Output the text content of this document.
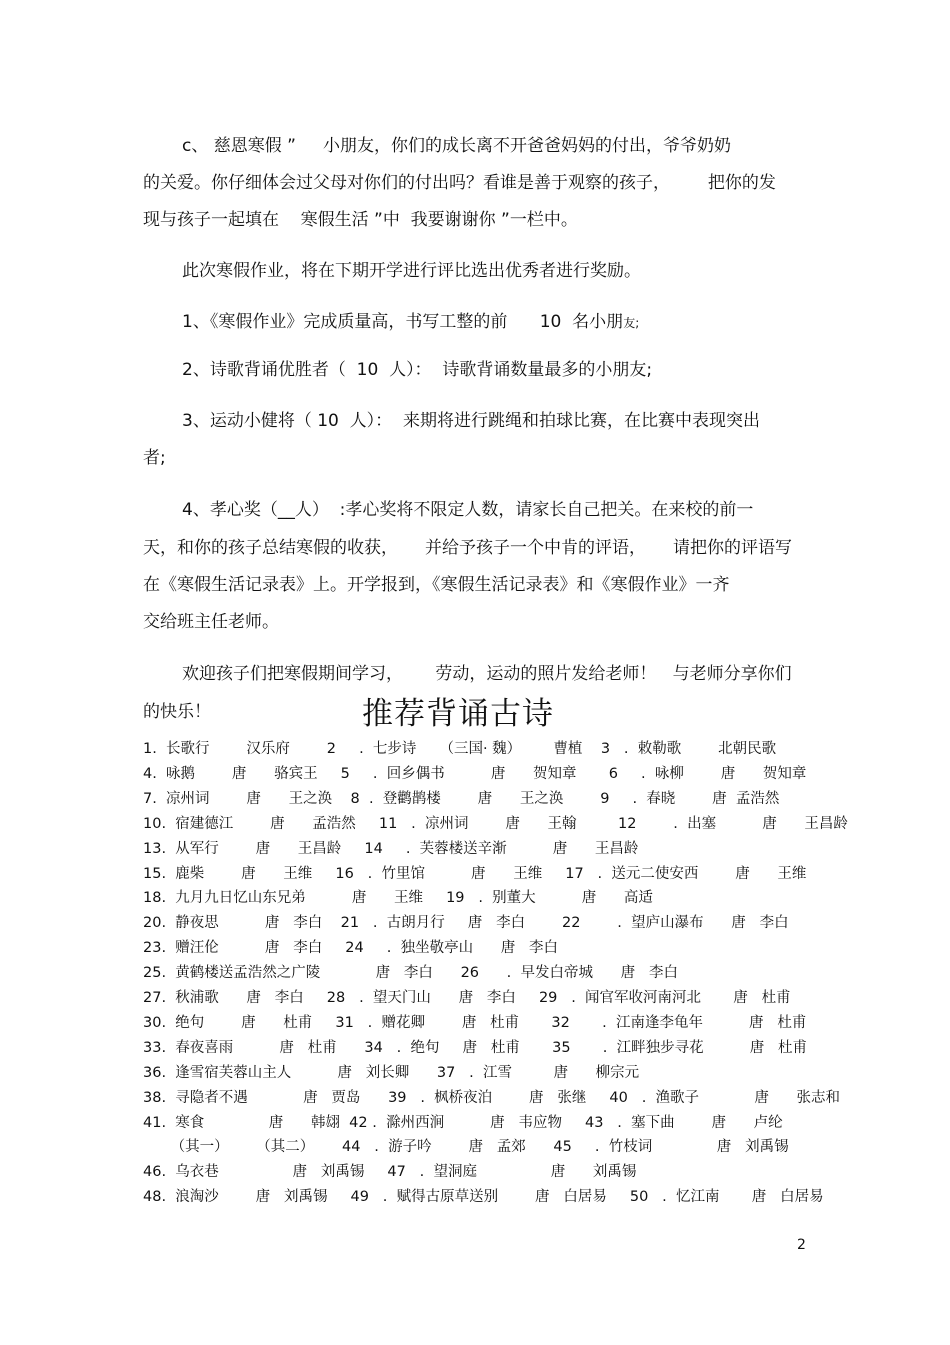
c、 慈恩寒假 ”     小朋友，你们的成长离不开爸爸妈妈的付出，爷爷奶奶
的关爱。你仔细体会过父母对你们的付出吗？看谁是善于观察的孩子，       把你的发
现与孩子一起填在    寒假生活 ”中  我要谢谢你 ”一栏中。
此次寒假作业，将在下期开学进行评比选出优秀者进行奖励。
1、《寒假作业》完成质量高，书写工整的前      10  名小朋友;
2、诗歌背诵优胜者（  10  人）：  诗歌背诵数量最多的小朋友;
3、运动小健将（ 10  人）：  来期将进行跳绳和拍球比赛，在比赛中表现突出
者;
4、孝心奖（__人）  :孝心奖将不限定人数，请家长自己把关。在来校的前一
天，和你的孩子总结寒假的收获，     并给予孩子一个中肯的评语，     请把你的评语写
在《寒假生活记录表》上。开学报到，《寒假生活记录表》和《寒假作业》一齐
交给班主任老师。
欢迎孩子们把寒假期间学习，      劳动，运动的照片发给老师！   与老师分享你们
的快乐！	推荐背诵古诗
1.  长歌行        汉乐府        2     .  七步诗     （三国· 魏）       曹植    3   .  敕勒歌        北朝民歌
4.  咏鹅        唐      骆宾王     5     .  回乡偶书          唐      贺知章       6     .  咏柳        唐      贺知章
7.  凉州词        唐      王之涣    8  .  登鹳鹊楼        唐      王之涣        9     .  春晓        唐  孟浩然
10.  宿建德江        唐      孟浩然     11   .  凉州词        唐      王翰         12        .  出塞          唐      王昌龄
13.  从军行        唐      王昌龄     14     .  芙蓉楼送辛渐          唐      王昌龄
15.  鹿柴        唐      王维     16   .  竹里馆          唐      王维     17   .  送元二使安西        唐      王维
18.  九月九日忆山东兄弟          唐      王维     19   .  别董大          唐      高适
20.  静夜思          唐   李白    21   .  古朗月行     唐   李白        22        .  望庐山瀑布      唐   李白
23.  赠汪伦          唐   李白     24     .  独坐敬亭山      唐   李白
25.  黄鹤楼送孟浩然之广陵            唐   李白      26      .  早发白帝城      唐   李白
27.  秋浦歌      唐   李白     28   .  望天门山      唐   李白     29   .  闻官军收河南河北       唐   杜甫
30.  绝句        唐      杜甫     31   .  赠花卿        唐   杜甫       32       .  江南逢李龟年          唐   杜甫
33.  春夜喜雨          唐   杜甫      34   .  绝句     唐   杜甫       35       .  江畔独步寻花          唐   杜甫
36.  逢雪宿芙蓉山主人          唐   刘长卿      37   .  江雪         唐      柳宗元
38.  寻隐者不遇            唐   贾岛      39   .  枫桥夜泊        唐   张继     40   .  渔歌子            唐      张志和
41.  寒食              唐      韩翃  42 .  滁州西涧          唐   韦应物     43   .  塞下曲        唐      卢纶
（其一）      （其二）      44   .  游子吟        唐   孟郊      45     .  竹枝词              唐   刘禹锡
46.  乌衣巷                唐   刘禹锡     47   .  望洞庭                唐      刘禹锡
48.  浪淘沙        唐   刘禹锡     49   .  赋得古原草送别        唐   白居易     50   .  忆江南       唐   白居易
2
